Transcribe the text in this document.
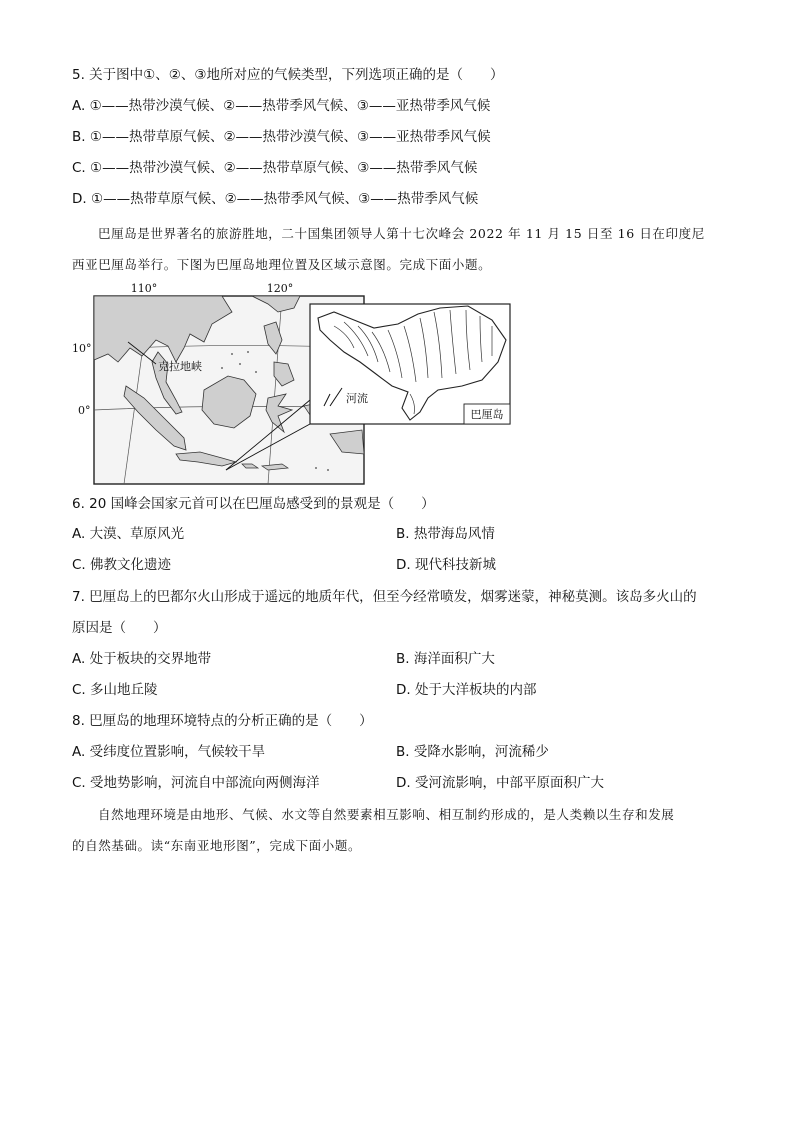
5. 关于图中①、②、③地所对应的气候类型，下列选项正确的是（　　）
A. ①——热带沙漠气候、②——热带季风气候、③——亚热带季风气候
B. ①——热带草原气候、②——热带沙漠气候、③——亚热带季风气候
C. ①——热带沙漠气候、②——热带草原气候、③——热带季风气候
D. ①——热带草原气候、②——热带季风气候、③——热带季风气候
巴厘岛是世界著名的旅游胜地，二十国集团领导人第十七次峰会 2022 年 11 月 15 日至 16 日在印度尼
西亚巴厘岛举行。下图为巴厘岛地理位置及区域示意图。完成下面小题。
110°	120°
10°
0°
克拉地峡
河流
巴厘岛
6. 20 国峰会国家元首可以在巴厘岛感受到的景观是（　　）
A. 大漠、草原风光	B. 热带海岛风情
C. 佛教文化遗迹	D. 现代科技新城
7. 巴厘岛上的巴都尔火山形成于遥远的地质年代，但至今经常喷发，烟雾迷蒙，神秘莫测。该岛多火山的
原因是（　　）
A. 处于板块的交界地带	B. 海洋面积广大
C. 多山地丘陵	D. 处于大洋板块的内部
8. 巴厘岛的地理环境特点的分析正确的是（　　）
A. 受纬度位置影响，气候较干旱	B. 受降水影响，河流稀少
C. 受地势影响，河流自中部流向两侧海洋	D. 受河流影响，中部平原面积广大
自然地理环境是由地形、气候、水文等自然要素相互影响、相互制约形成的，是人类赖以生存和发展
的自然基础。读“东南亚地形图”，完成下面小题。
